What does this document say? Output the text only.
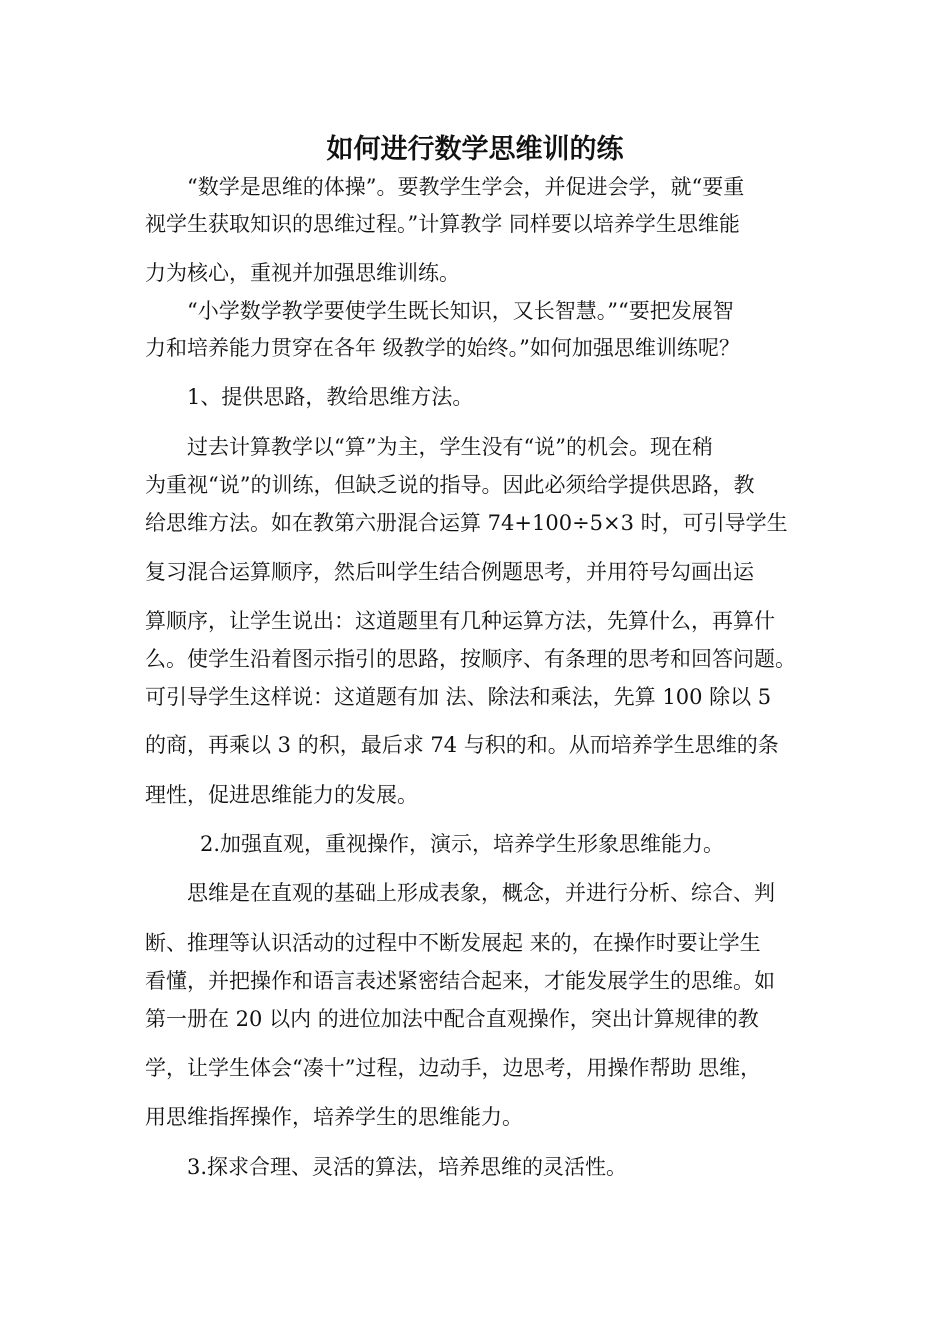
如何进行数学思维训的练

“数学是思维的体操”。要教学生学会，并促进会学，就“要重

视学生获取知识的思维过程。”计算教学 同样要以培养学生思维能

力为核心，重视并加强思维训练。

“小学数学教学要使学生既长知识，又长智慧。”“要把发展智

力和培养能力贯穿在各年 级教学的始终。”如何加强思维训练呢？

1、提供思路，教给思维方法。

过去计算教学以“算”为主，学生没有“说”的机会。现在稍

为重视“说”的训练，但缺乏说的指导。因此必须给学提供思路，教

给思维方法。如在教第六册混合运算 74+100÷5×3 时，可引导学生

复习混合运算顺序，然后叫学生结合例题思考，并用符号勾画出运

算顺序，让学生说出：这道题里有几种运算方法，先算什么，再算什

么。使学生沿着图示指引的思路，按顺序、有条理的思考和回答问题。

可引导学生这样说：这道题有加 法、除法和乘法，先算 100 除以 5

的商，再乘以 3 的积，最后求 74 与积的和。从而培养学生思维的条

理性，促进思维能力的发展。

2.加强直观，重视操作，演示，培养学生形象思维能力。

思维是在直观的基础上形成表象，概念，并进行分析、综合、判

断、推理等认识活动的过程中不断发展起 来的，在操作时要让学生

看懂，并把操作和语言表述紧密结合起来，才能发展学生的思维。如

第一册在 20 以内 的进位加法中配合直观操作，突出计算规律的教

学，让学生体会“凑十”过程，边动手，边思考，用操作帮助 思维，

用思维指挥操作，培养学生的思维能力。

3.探求合理、灵活的算法，培养思维的灵活性。
